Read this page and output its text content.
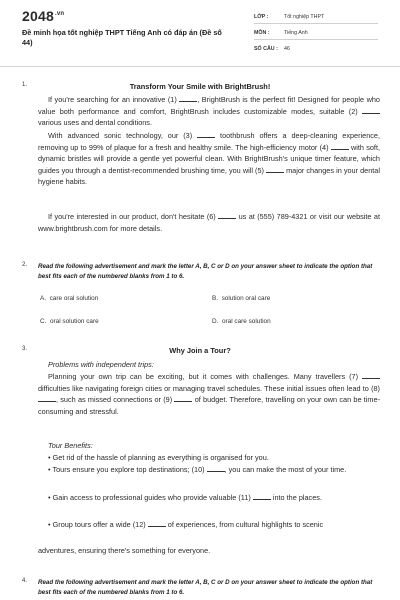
$2048^{.vn}$
Đề minh họa tốt nghiệp THPT Tiếng Anh có đáp án (Đề số 44)
LỚP :	Tốt nghiệp THPT
MÔN :	Tiếng Anh
SỐ CÂU :	46
1.	Transform Your Smile with BrightBrush!
If you're searching for an innovative (1) , BrightBrush is the perfect fit! Designed for people who value both performance and comfort, BrightBrush includes customizable modes, suitable (2)  various uses and dental conditions.
With advanced sonic technology, our (3)  toothbrush offers a deep-cleaning experience, removing up to 99% of plaque for a fresh and healthy smile. The high-efficiency motor (4)  with soft, dynamic bristles will provide a gentle yet powerful clean. With BrightBrush's unique timer feature, which guides you through a dentist-recommended brushing time, you will (5)  major changes in your dental hygiene habits.
If you're interested in our product, don't hesitate (6)  us at (555) 789-4321 or visit our website at www.brightbrush.com for more details.
2. Read the following advertisement and mark the letter A, B, C or D on your answer sheet to indicate the option that best fits each of the numbered blanks from 1 to 6.
A. care oral solution	B. solution oral care
C. oral solution care	D. oral care solution
3.	Why Join a Tour?
Problems with independent trips:
Planning your own trip can be exciting, but it comes with challenges. Many travellers (7)  difficulties like navigating foreign cities or managing travel schedules. These initial issues often lead to (8) , such as missed connections or (9)  of budget. Therefore, travelling on your own can be time-consuming and stressful.
Tour Benefits:
• Get rid of the hassle of planning as everything is organised for you.
• Tours ensure you explore top destinations; (10) , you can make the most of your time.
• Gain access to professional guides who provide valuable (11)  into the places.
• Group tours offer a wide (12)  of experiences, from cultural highlights to scenic
adventures, ensuring there's something for everyone.
4. Read the following advertisement and mark the letter A, B, C or D on your answer sheet to indicate the option that best fits each of the numbered blanks from 1 to 6.
